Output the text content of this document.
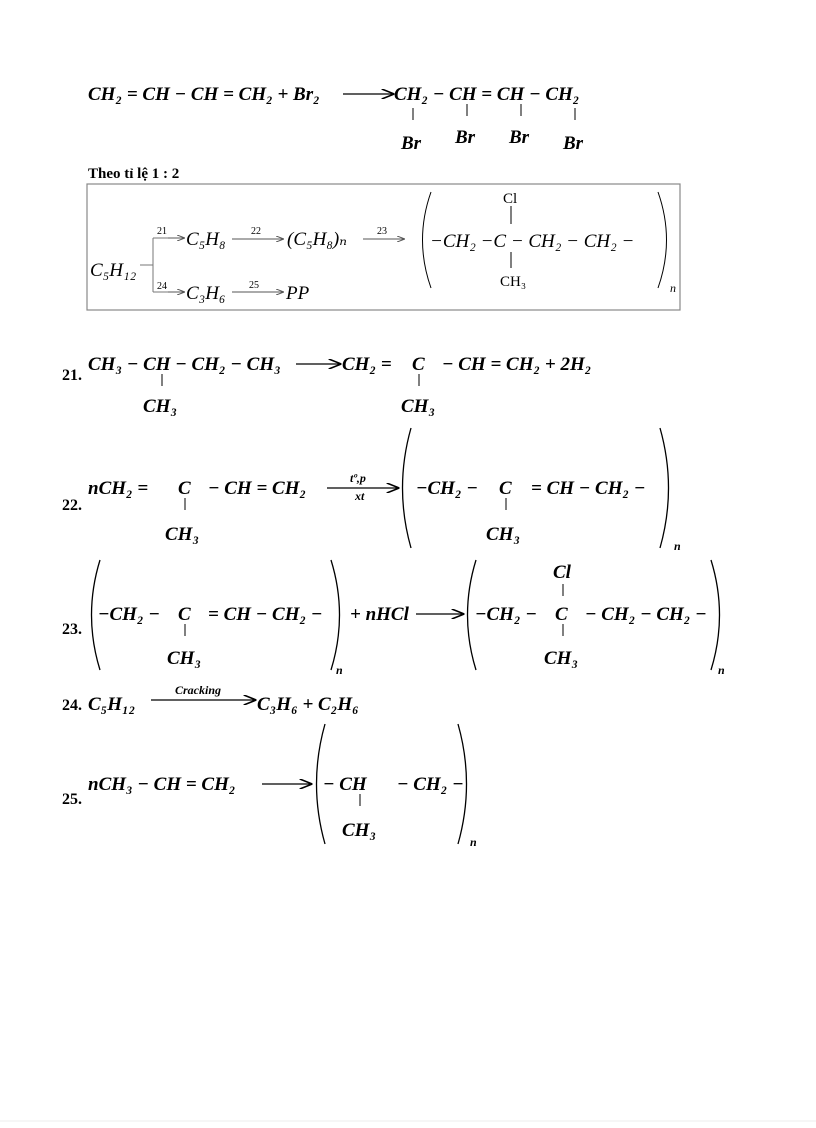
CH₂ = CH − CH = CH₂ + Br₂	CH₂ − CH = CH − CH₂
Br Br Br Br
Theo tỉ lệ 1 : 2
C₅H₁₂
21
24
C₅H₈	22 (C₅H₈)ₙ	23
C₃H₆ 25 PP
−CH₂ −C − CH₂ − CH₂ −
Cl
CH₃	n
21.
CH₃ − CH − CH₂ − CH₃
CH₃
CH₂ = C − CH = CH₂ + 2H₂
CH₃
22.
nCH₂ = C − CH = CH₂
CH₃
tº,p
xt	−CH₂ − C = CH − CH₂ −
CH₃
n
23.
−CH₂ − C = CH − CH₂ −
CH₃
n
+ nHCl
Cl
−CH₂ − C − CH₂ − CH₂ −
CH₃
n
24. C₅H₁₂
Cracking
C₃H₆ + C₂H₆
25.
nCH₃ − CH = CH₂	− CH − CH₂ −
CH₃
n
